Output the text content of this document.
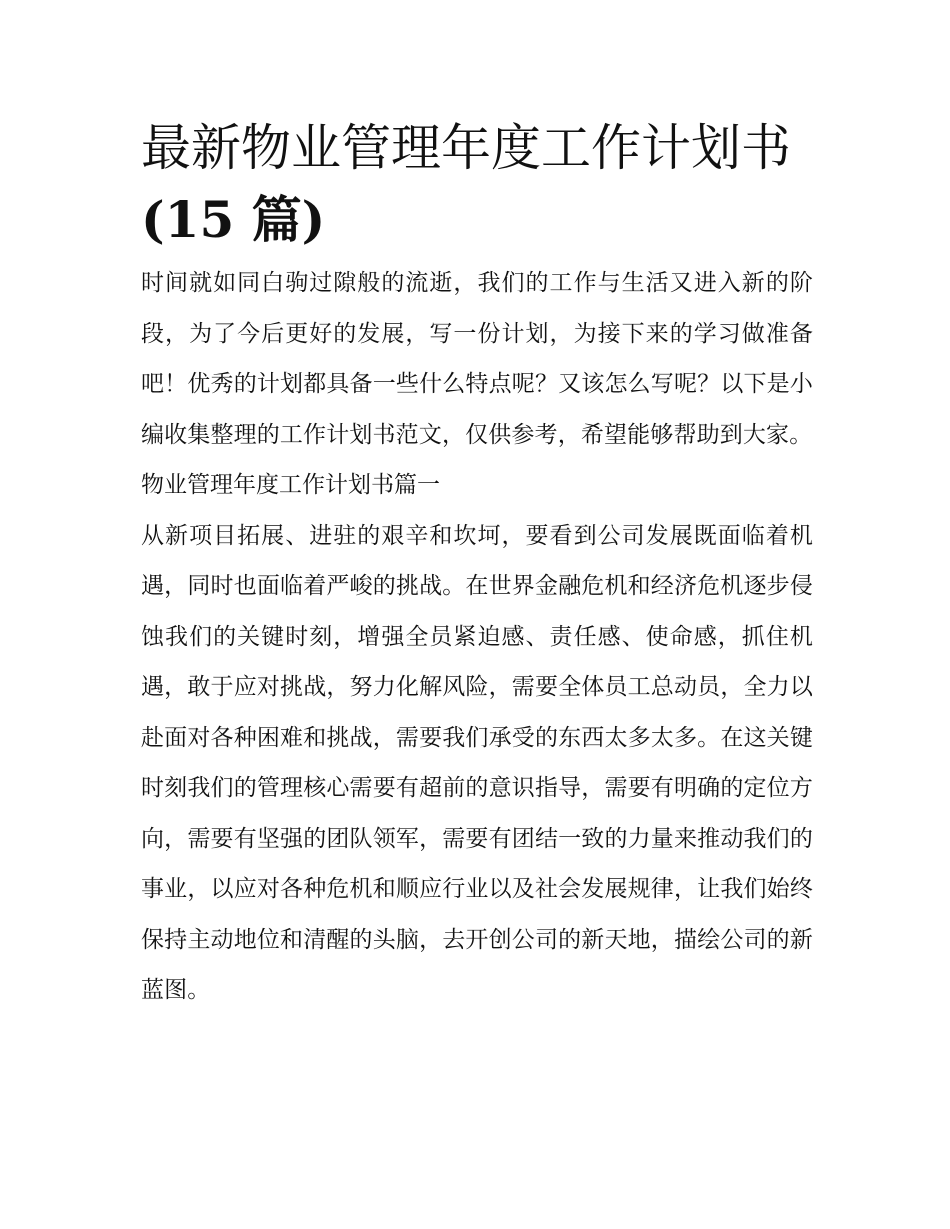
最新物业管理年度工作计划书
(15 篇)

时间就如同白驹过隙般的流逝，我们的工作与生活又进入新的阶段，为了今后更好的发展，写一份计划，为接下来的学习做准备吧！优秀的计划都具备一些什么特点呢？又该怎么写呢？以下是小编收集整理的工作计划书范文，仅供参考，希望能够帮助到大家。

物业管理年度工作计划书篇一

从新项目拓展、进驻的艰辛和坎坷，要看到公司发展既面临着机遇，同时也面临着严峻的挑战。在世界金融危机和经济危机逐步侵蚀我们的关键时刻，增强全员紧迫感、责任感、使命感，抓住机遇，敢于应对挑战，努力化解风险，需要全体员工总动员，全力以赴面对各种困难和挑战，需要我们承受的东西太多太多。在这关键时刻我们的管理核心需要有超前的意识指导，需要有明确的定位方向，需要有坚强的团队领军，需要有团结一致的力量来推动我们的事业，以应对各种危机和顺应行业以及社会发展规律，让我们始终保持主动地位和清醒的头脑，去开创公司的新天地，描绘公司的新蓝图。
